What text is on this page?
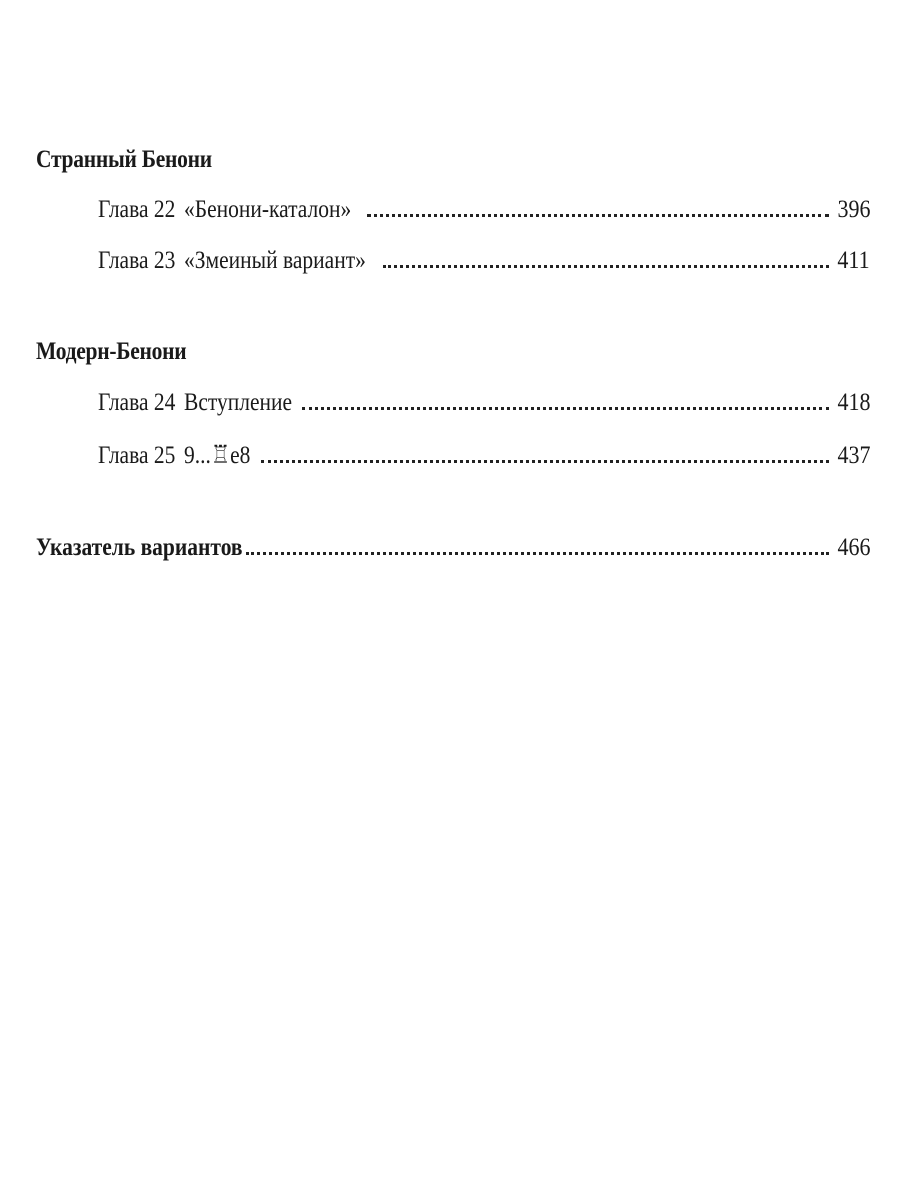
Странный Бенони
Глава 22 «Бенони-каталон»	396
Глава 23 «Змеиный вариант»	411
Модерн-Бенони
Глава 24 Вступление	418
Глава 25 9...♖e8	437
Указатель вариантов	466
